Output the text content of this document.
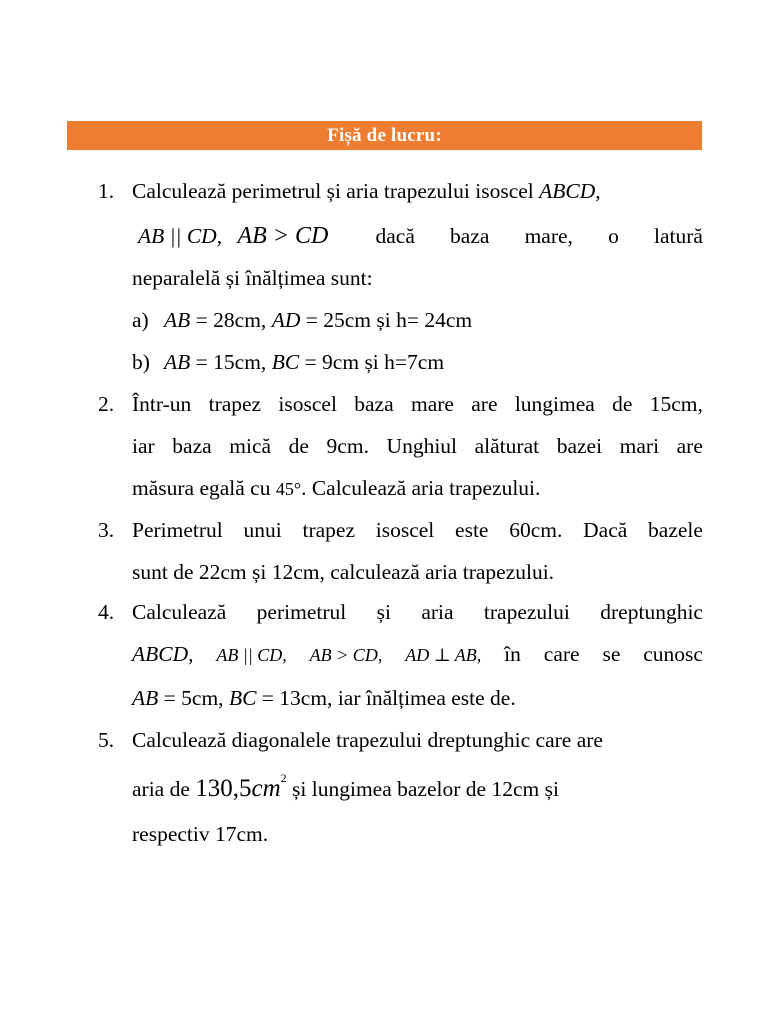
Fișă de lucru:
1. Calculează perimetrul și aria trapezului isoscel ABCD,
AB || CD, AB > CD dacă baza mare, o latură
neparalelă și înălțimea sunt:
a) AB = 28cm, AD = 25cm și h= 24cm
b) AB = 15cm, BC = 9cm și h=7cm
2. Într-un trapez isoscel baza mare are lungimea de 15cm,
iar baza mică de 9cm. Unghiul alăturat bazei mari are
măsura egală cu 45°. Calculează aria trapezului.
3. Perimetrul unui trapez isoscel este 60cm. Dacă bazele
sunt de 22cm și 12cm, calculează aria trapezului.
4. Calculează perimetrul și aria trapezului dreptunghic
ABCD, AB || CD, AB > CD, AD ⊥ AB, în care se cunosc
AB = 5cm, BC = 13cm, iar înălțimea este de.
5. Calculează diagonalele trapezului dreptunghic care are
aria de $130,5cm^2$ și lungimea bazelor de 12cm și
respectiv 17cm.
